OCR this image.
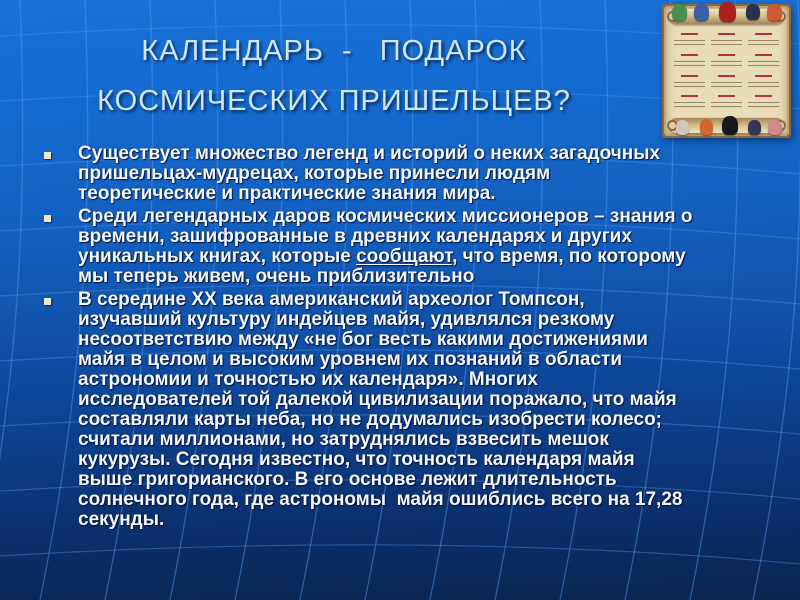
КАЛЕНДАРЬ  -   ПОДАРОК
КОСМИЧЕСКИХ ПРИШЕЛЬЦЕВ?
Существует множество легенд и историй о неких загадочных
пришельцах-мудрецах, которые принесли людям
теоретические и практические знания мира.
Среди легендарных даров космических миссионеров – знания о
времени, зашифрованные в древних календарях и других
уникальных книгах, которые сообщают, что время, по которому
мы теперь живем, очень приблизительно
В середине XX века американский археолог Томпсон,
изучавший культуру индейцев майя, удивлялся резкому
несоответствию между «не бог весть какими достижениями
майя в целом и высоким уровнем их познаний в области
астрономии и точностью их календаря». Многих
исследователей той далекой цивилизации поражало, что майя
составляли карты неба, но не додумались изобрести колесо;
считали миллионами, но затруднялись взвесить мешок
кукурузы. Сегодня известно, что точность календаря майя
выше григорианского. В его основе лежит длительность
солнечного года, где астрономы  майя ошиблись всего на 17,28
секунды.
